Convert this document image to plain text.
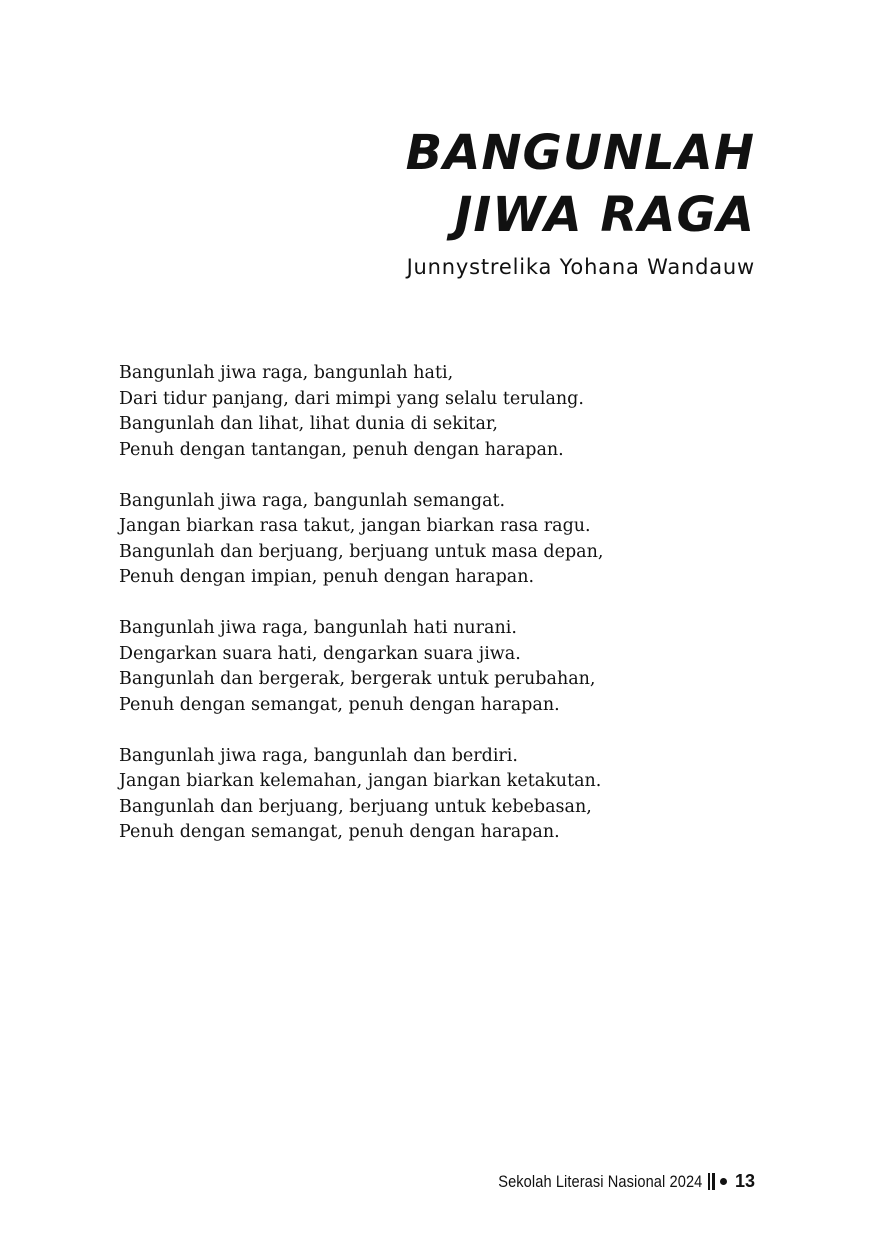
BANGUNLAH
JIWA RAGA
Junnystrelika Yohana Wandauw
Bangunlah jiwa raga, bangunlah hati,
Dari tidur panjang, dari mimpi yang selalu terulang.
Bangunlah dan lihat, lihat dunia di sekitar,
Penuh dengan tantangan, penuh dengan harapan.
Bangunlah jiwa raga, bangunlah semangat.
Jangan biarkan rasa takut, jangan biarkan rasa ragu.
Bangunlah dan berjuang, berjuang untuk masa depan,
Penuh dengan impian, penuh dengan harapan.
Bangunlah jiwa raga, bangunlah hati nurani.
Dengarkan suara hati, dengarkan suara jiwa.
Bangunlah dan bergerak, bergerak untuk perubahan,
Penuh dengan semangat, penuh dengan harapan.
Bangunlah jiwa raga, bangunlah dan berdiri.
Jangan biarkan kelemahan, jangan biarkan ketakutan.
Bangunlah dan berjuang, berjuang untuk kebebasan,
Penuh dengan semangat, penuh dengan harapan.
Sekolah Literasi Nasional 2024 13
